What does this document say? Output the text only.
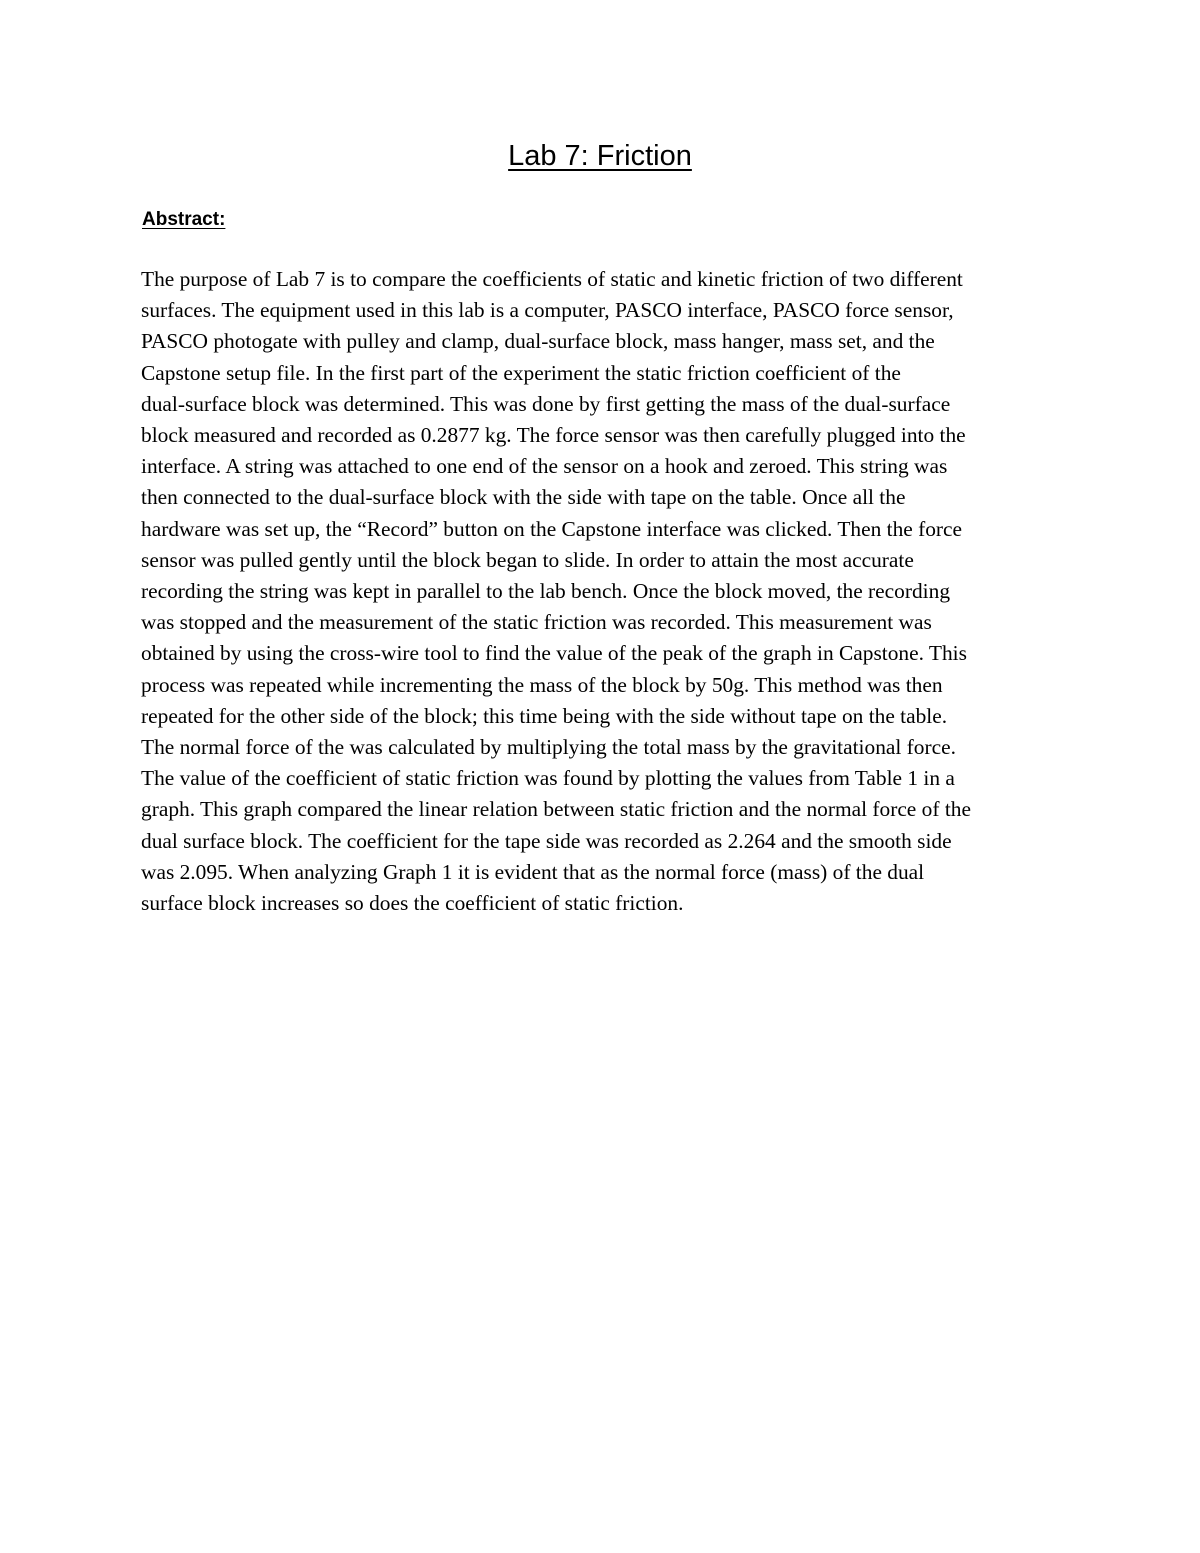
Lab 7: Friction
Abstract:

The purpose of Lab 7 is to compare the coefficients of static and kinetic friction of two different
surfaces. The equipment used in this lab is a computer, PASCO interface, PASCO force sensor,
PASCO photogate with pulley and clamp, dual-surface block, mass hanger, mass set, and the
Capstone setup file. In the first part of the experiment the static friction coefficient of the
dual-surface block was determined. This was done by first getting the mass of the dual-surface
block measured and recorded as 0.2877 kg. The force sensor was then carefully plugged into the
interface. A string was attached to one end of the sensor on a hook and zeroed. This string was
then connected to the dual-surface block with the side with tape on the table. Once all the
hardware was set up, the “Record” button on the Capstone interface was clicked. Then the force
sensor was pulled gently until the block began to slide. In order to attain the most accurate
recording the string was kept in parallel to the lab bench. Once the block moved, the recording
was stopped and the measurement of the static friction was recorded. This measurement was
obtained by using the cross-wire tool to find the value of the peak of the graph in Capstone. This
process was repeated while incrementing the mass of the block by 50g. This method was then
repeated for the other side of the block; this time being with the side without tape on the table.
The normal force of the was calculated by multiplying the total mass by the gravitational force.
The value of the coefficient of static friction was found by plotting the values from Table 1 in a
graph. This graph compared the linear relation between static friction and the normal force of the
dual surface block. The coefficient for the tape side was recorded as 2.264 and the smooth side
was 2.095. When analyzing Graph 1 it is evident that as the normal force (mass) of the dual
surface block increases so does the coefficient of static friction.
